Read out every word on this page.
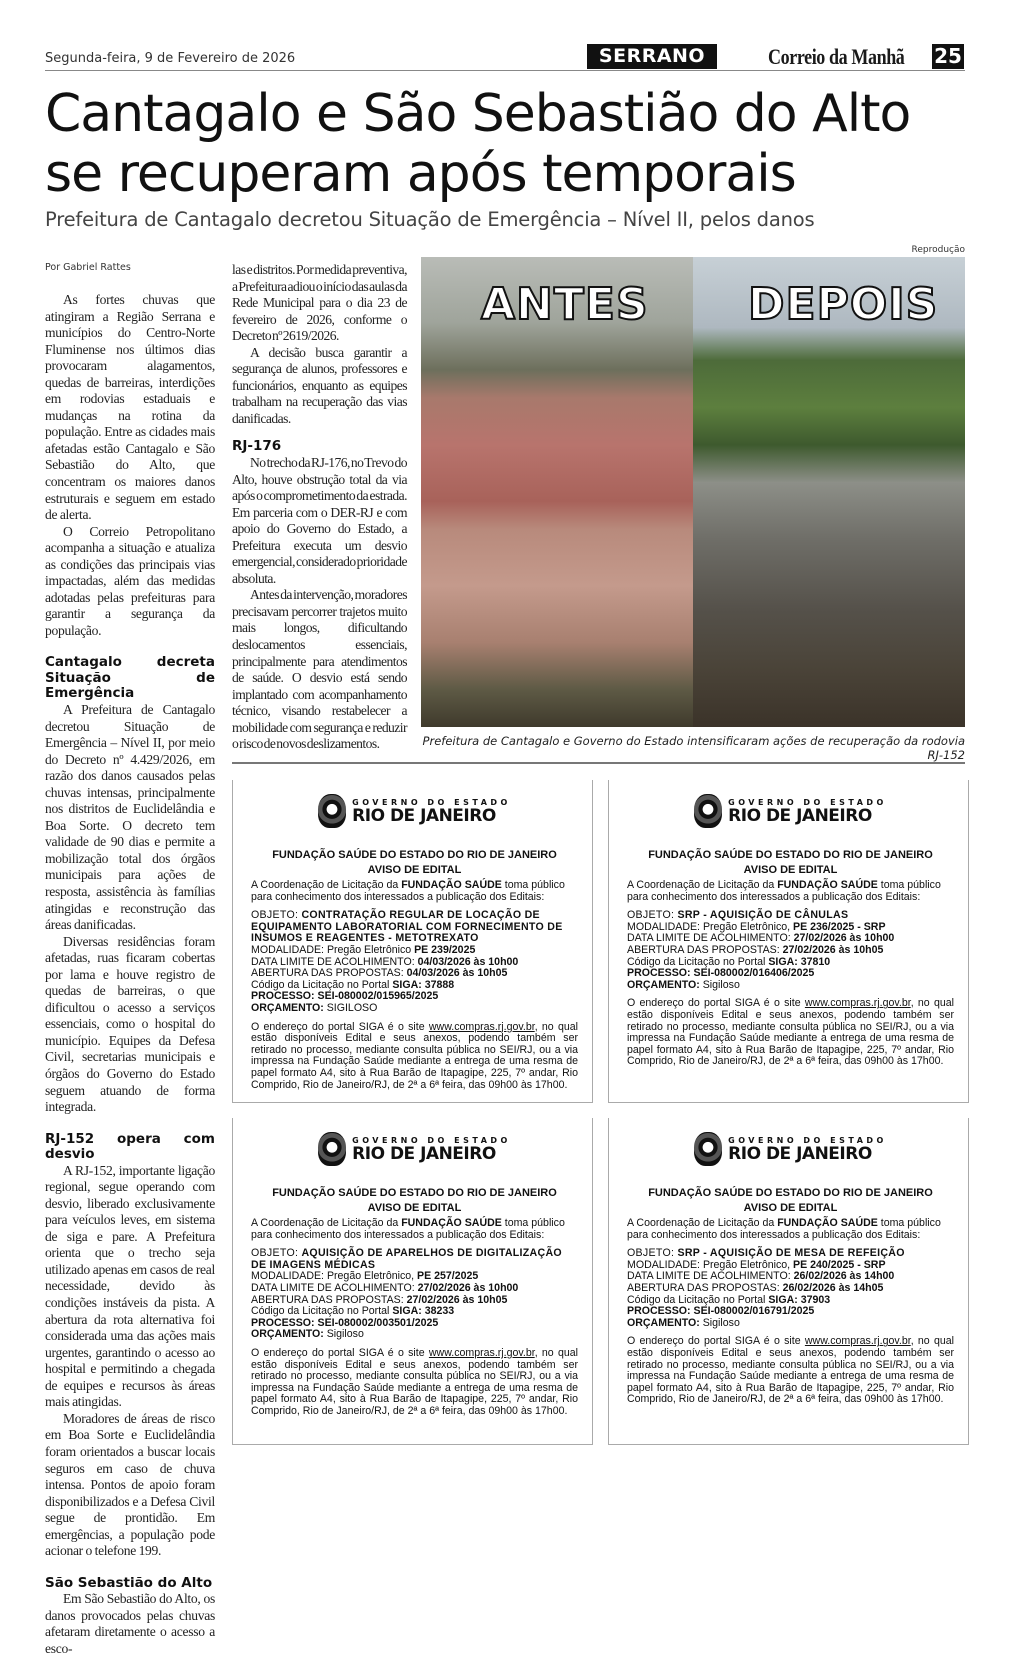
Segunda-feira, 9 de Fevereiro de 2026	SERRANO	Correio da Manhã 25
Cantagalo e São Sebastião do Alto
se recuperam após temporais
Prefeitura de Cantagalo decretou Situação de Emergência – Nível II, pelos danos
Reprodução
Por Gabriel Rattes

As fortes chuvas que atingiram a Região Serrana e municípios do Centro-Norte Fluminense nos últimos dias provocaram alagamentos, quedas de barreiras, interdições em rodovias estaduais e mudanças na rotina da população. Entre as cidades mais afetadas estão Cantagalo e São Sebastião do Alto, que concentram os maiores danos estruturais e seguem em estado de alerta.

O Correio Petropolitano acompanha a situação e atualiza as condições das principais vias impactadas, além das medidas adotadas pelas prefeituras para garantir a segurança da população.

Cantagalo decreta Situação de Emergência

A Prefeitura de Cantagalo decretou Situação de Emergência – Nível II, por meio do Decreto nº 4.429/2026, em razão dos danos causados pelas chuvas intensas, principalmente nos distritos de Euclidelândia e Boa Sorte. O decreto tem validade de 90 dias e permite a mobilização total dos órgãos municipais para ações de resposta, assistência às famílias atingidas e reconstrução das áreas danificadas.

Diversas residências foram afetadas, ruas ficaram cobertas por lama e houve registro de quedas de barreiras, o que dificultou o acesso a serviços essenciais, como o hospital do município. Equipes da Defesa Civil, secretarias municipais e órgãos do Governo do Estado seguem atuando de forma integrada.

RJ-152 opera com desvio

A RJ-152, importante ligação regional, segue operando com desvio, liberado exclusivamente para veículos leves, em sistema de siga e pare. A Prefeitura orienta que o trecho seja utilizado apenas em casos de real necessidade, devido às condições instáveis da pista. A abertura da rota alternativa foi considerada uma das ações mais urgentes, garantindo o acesso ao hospital e permitindo a chegada de equipes e recursos às áreas mais atingidas.

Moradores de áreas de risco em Boa Sorte e Euclidelândia foram orientados a buscar locais seguros em caso de chuva intensa. Pontos de apoio foram disponibilizados e a Defesa Civil segue de prontidão. Em emergências, a população pode acionar o telefone 199.

São Sebastião do Alto

Em São Sebastião do Alto, os danos provocados pelas chuvas afetaram diretamente o acesso a esco-

las e distritos. Por medida preventiva, a Prefeitura adiou o início das aulas da Rede Municipal para o dia 23 de fevereiro de 2026, conforme o Decreto nº 2619/2026.

A decisão busca garantir a segurança de alunos, professores e funcionários, enquanto as equipes trabalham na recuperação das vias danificadas.

RJ-176

No trecho da RJ-176, no Trevo do Alto, houve obstrução total da via após o comprometimento da estrada. Em parceria com o DER-RJ e com apoio do Governo do Estado, a Prefeitura executa um desvio emergencial, considerado prioridade absoluta.

Antes da intervenção, moradores precisavam percorrer trajetos muito mais longos, dificultando deslocamentos essenciais, principalmente para atendimentos de saúde. O desvio está sendo implantado com acompanhamento técnico, visando restabelecer a mobilidade com segurança e reduzir o risco de novos deslizamentos.

ANTES DEPOIS
Prefeitura de Cantagalo e Governo do Estado intensificaram ações de recuperação da rodovia RJ-152
GOVERNO DO ESTADO
RIO DE JANEIRO
FUNDAÇÃO SAÚDE DO ESTADO DO RIO DE JANEIRO
AVISO DE EDITAL
A Coordenação de Licitação da FUNDAÇÃO SAÚDE toma público para conhecimento dos interessados a publicação dos Editais:
OBJETO: CONTRATAÇÃO REGULAR DE LOCAÇÃO DE EQUIPAMENTO LABORATORIAL COM FORNECIMENTO DE INSUMOS E REAGENTES - METOTREXATO
MODALIDADE: Pregão Eletrônico PE 239/2025
DATA LIMITE DE ACOLHIMENTO: 04/03/2026 às 10h00
ABERTURA DAS PROPOSTAS: 04/03/2026 às 10h05
Código da Licitação no Portal SIGA: 37888
PROCESSO: SEI-080002/015965/2025
ORÇAMENTO: SIGILOSO
O endereço do portal SIGA é o site www.compras.rj.gov.br, no qual estão disponíveis Edital e seus anexos, podendo também ser retirado no processo, mediante consulta pública no SEI/RJ, ou a via impressa na Fundação Saúde mediante a entrega de uma resma de papel formato A4, sito à Rua Barão de Itapagipe, 225, 7º andar, Rio Comprido, Rio de Janeiro/RJ, de 2ª a 6ª feira, das 09h00 às 17h00.
GOVERNO DO ESTADO
RIO DE JANEIRO
FUNDAÇÃO SAÚDE DO ESTADO DO RIO DE JANEIRO
AVISO DE EDITAL
A Coordenação de Licitação da FUNDAÇÃO SAÚDE toma público para conhecimento dos interessados a publicação dos Editais:
OBJETO: SRP - AQUISIÇÃO DE CÂNULAS
MODALIDADE: Pregão Eletrônico, PE 236/2025 - SRP
DATA LIMITE DE ACOLHIMENTO: 27/02/2026 às 10h00
ABERTURA DAS PROPOSTAS: 27/02/2026 às 10h05
Código da Licitação no Portal SIGA: 37810
PROCESSO: SEI-080002/016406/2025
ORÇAMENTO: Sigiloso
O endereço do portal SIGA é o site www.compras.rj.gov.br, no qual estão disponíveis Edital e seus anexos, podendo também ser retirado no processo, mediante consulta pública no SEI/RJ, ou a via impressa na Fundação Saúde mediante a entrega de uma resma de papel formato A4, sito à Rua Barão de Itapagipe, 225, 7º andar, Rio Comprido, Rio de Janeiro/RJ, de 2ª a 6ª feira, das 09h00 às 17h00.
GOVERNO DO ESTADO
RIO DE JANEIRO
FUNDAÇÃO SAÚDE DO ESTADO DO RIO DE JANEIRO
AVISO DE EDITAL
A Coordenação de Licitação da FUNDAÇÃO SAÚDE toma público para conhecimento dos interessados a publicação dos Editais:
OBJETO: AQUISIÇÃO DE APARELHOS DE DIGITALIZAÇÃO DE IMAGENS MÉDICAS
MODALIDADE: Pregão Eletrônico, PE 257/2025
DATA LIMITE DE ACOLHIMENTO: 27/02/2026 às 10h00
ABERTURA DAS PROPOSTAS: 27/02/2026 às 10h05
Código da Licitação no Portal SIGA: 38233
PROCESSO: SEI-080002/003501/2025
ORÇAMENTO: Sigiloso
O endereço do portal SIGA é o site www.compras.rj.gov.br, no qual estão disponíveis Edital e seus anexos, podendo também ser retirado no processo, mediante consulta pública no SEI/RJ, ou a via impressa na Fundação Saúde mediante a entrega de uma resma de papel formato A4, sito à Rua Barão de Itapagipe, 225, 7º andar, Rio Comprido, Rio de Janeiro/RJ, de 2ª a 6ª feira, das 09h00 às 17h00.
GOVERNO DO ESTADO
RIO DE JANEIRO
FUNDAÇÃO SAÚDE DO ESTADO DO RIO DE JANEIRO
AVISO DE EDITAL
A Coordenação de Licitação da FUNDAÇÃO SAÚDE toma público para conhecimento dos interessados a publicação dos Editais:
OBJETO: SRP - AQUISIÇÃO DE MESA DE REFEIÇÃO
MODALIDADE: Pregão Eletrônico, PE 240/2025 - SRP
DATA LIMITE DE ACOLHIMENTO: 26/02/2026 às 14h00
ABERTURA DAS PROPOSTAS: 26/02/2026 às 14h05
Código da Licitação no Portal SIGA: 37903
PROCESSO: SEI-080002/016791/2025
ORÇAMENTO: Sigiloso
O endereço do portal SIGA é o site www.compras.rj.gov.br, no qual estão disponíveis Edital e seus anexos, podendo também ser retirado no processo, mediante consulta pública no SEI/RJ, ou a via impressa na Fundação Saúde mediante a entrega de uma resma de papel formato A4, sito à Rua Barão de Itapagipe, 225, 7º andar, Rio Comprido, Rio de Janeiro/RJ, de 2ª a 6ª feira, das 09h00 às 17h00.
